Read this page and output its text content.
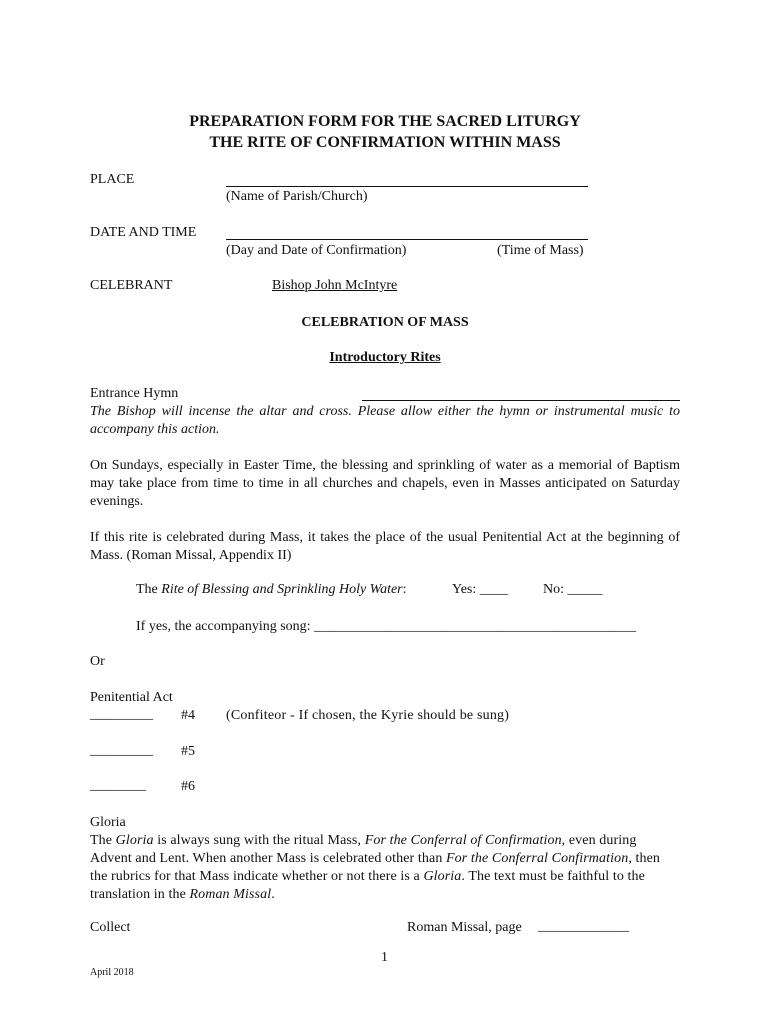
PREPARATION FORM FOR THE SACRED LITURGY
THE RITE OF CONFIRMATION WITHIN MASS
PLACE
(Name of Parish/Church)
DATE AND TIME
(Day and Date of Confirmation)	(Time of Mass)
CELEBRANT	Bishop John McIntyre
CELEBRATION OF MASS
Introductory Rites
Entrance Hymn
The Bishop will incense the altar and cross. Please allow either the hymn or instrumental music to accompany this action.
On Sundays, especially in Easter Time, the blessing and sprinkling of water as a memorial of Baptism may take place from time to time in all churches and chapels, even in Masses anticipated on Saturday evenings.
If this rite is celebrated during Mass, it takes the place of the usual Penitential Act at the beginning of Mass. (Roman Missal, Appendix II)
The Rite of Blessing and Sprinkling Holy Water:	Yes: ____	No: _____
If yes, the accompanying song: ______________________________________________
Or
Penitential Act
_________ #4 (Confiteor - If chosen, the Kyrie should be sung)
_________ #5
________	#6
Gloria
The Gloria is always sung with the ritual Mass, For the Conferral of Confirmation, even during Advent and Lent. When another Mass is celebrated other than For the Conferral Confirmation, then the rubrics for that Mass indicate whether or not there is a Gloria. The text must be faithful to the translation in the Roman Missal.
Collect	Roman Missal, page _____________
1
April 2018
